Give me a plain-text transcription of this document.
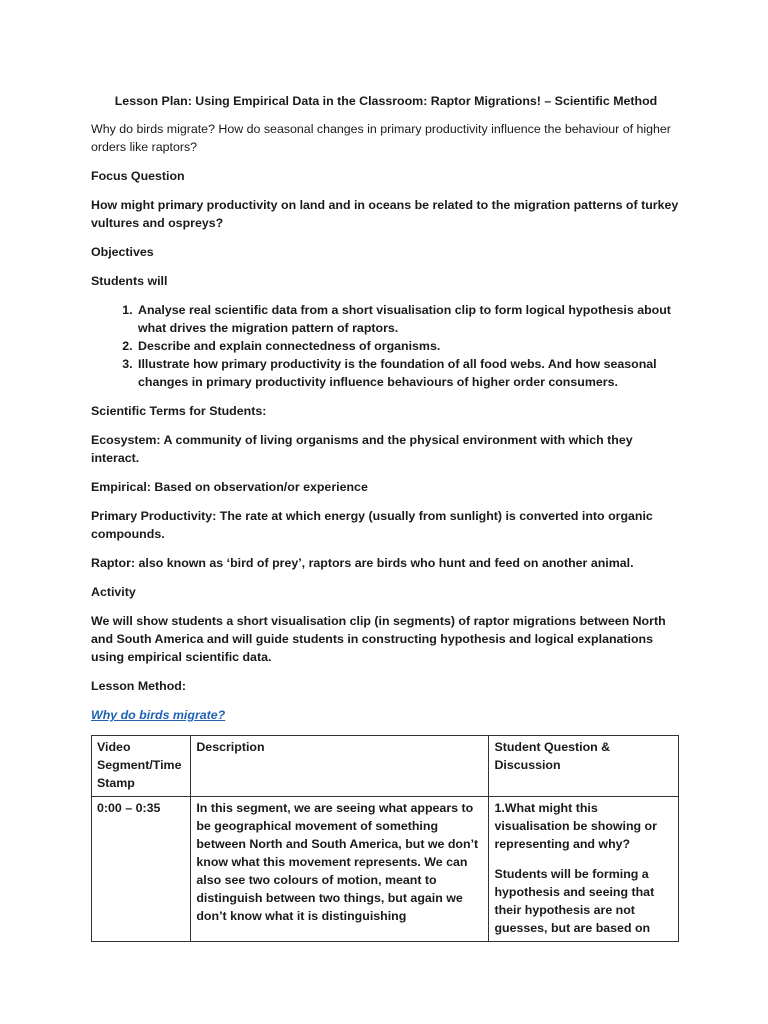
Lesson Plan: Using Empirical Data in the Classroom: Raptor Migrations! – Scientific Method

Why do birds migrate? How do seasonal changes in primary productivity influence the behaviour of higher orders like raptors?

Focus Question

How might primary productivity on land and in oceans be related to the migration patterns of turkey vultures and ospreys?

Objectives

Students will

1. Analyse real scientific data from a short visualisation clip to form logical hypothesis about what drives the migration pattern of raptors.
2. Describe and explain connectedness of organisms.
3. Illustrate how primary productivity is the foundation of all food webs. And how seasonal changes in primary productivity influence behaviours of higher order consumers.

Scientific Terms for Students:

Ecosystem: A community of living organisms and the physical environment with which they interact.

Empirical: Based on observation/or experience

Primary Productivity: The rate at which energy (usually from sunlight) is converted into organic compounds.

Raptor: also known as ‘bird of prey’, raptors are birds who hunt and feed on another animal.

Activity

We will show students a short visualisation clip (in segments) of raptor migrations between North and South America and will guide students in constructing hypothesis and logical explanations using empirical scientific data.

Lesson Method:

Why do birds migrate?

Video Segment/Time Stamp	Description	Student Question & Discussion
0:00 – 0:35	In this segment, we are seeing what appears to be geographical movement of something between North and South America, but we don’t know what this movement represents. We can also see two colours of motion, meant to distinguish between two things, but again we don’t know what it is distinguishing	1.What might this visualisation be showing or representing and why?
Students will be forming a hypothesis and seeing that their hypothesis are not guesses, but are based on
